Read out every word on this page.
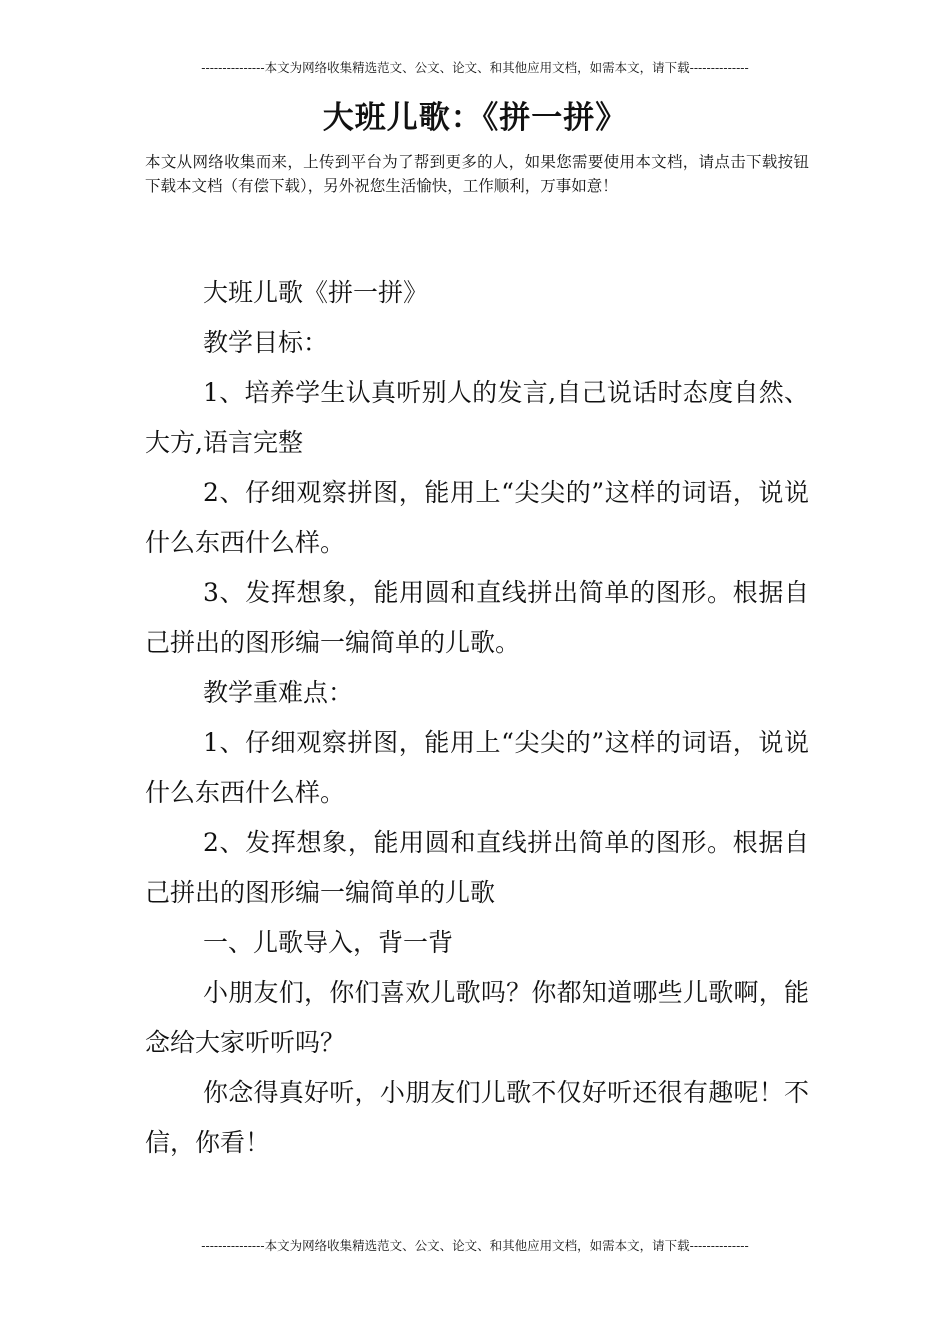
---------------本文为网络收集精选范文、公文、论文、和其他应用文档，如需本文，请下载--------------
大班儿歌：《拼一拼》
本文从网络收集而来，上传到平台为了帮到更多的人，如果您需要使用本文档，请点击下载按钮下载本文档（有偿下载），另外祝您生活愉快，工作顺利，万事如意！

大班儿歌《拼一拼》

教学目标：

1、培养学生认真听别人的发言,自己说话时态度自然、大方,语言完整

2、仔细观察拼图，能用上“尖尖的”这样的词语，说说什么东西什么样。

3、发挥想象，能用圆和直线拼出简单的图形。根据自己拼出的图形编一编简单的儿歌。

教学重难点：

1、仔细观察拼图，能用上“尖尖的”这样的词语，说说什么东西什么样。

2、发挥想象，能用圆和直线拼出简单的图形。根据自己拼出的图形编一编简单的儿歌

一、儿歌导入，背一背

小朋友们，你们喜欢儿歌吗？你都知道哪些儿歌啊，能念给大家听听吗？

你念得真好听，小朋友们儿歌不仅好听还很有趣呢！不信，你看！

---------------本文为网络收集精选范文、公文、论文、和其他应用文档，如需本文，请下载--------------
